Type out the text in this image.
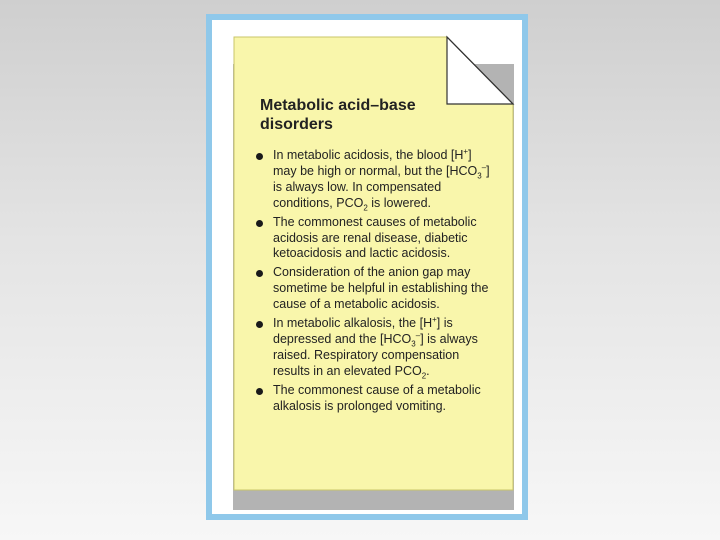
Metabolic acid–base
disorders
In metabolic acidosis, the blood [H+] may be high or normal, but the $[HCO_3^-]$ is always low. In compensated conditions, $PCO_2$ is lowered.
The commonest causes of metabolic acidosis are renal disease, diabetic ketoacidosis and lactic acidosis.
Consideration of the anion gap may sometime be helpful in establishing the cause of a metabolic acidosis.
In metabolic alkalosis, the [H+] is depressed and the $[HCO_3^-]$ is always raised. Respiratory compensation results in an elevated $PCO_2$.
The commonest cause of a metabolic alkalosis is prolonged vomiting.
